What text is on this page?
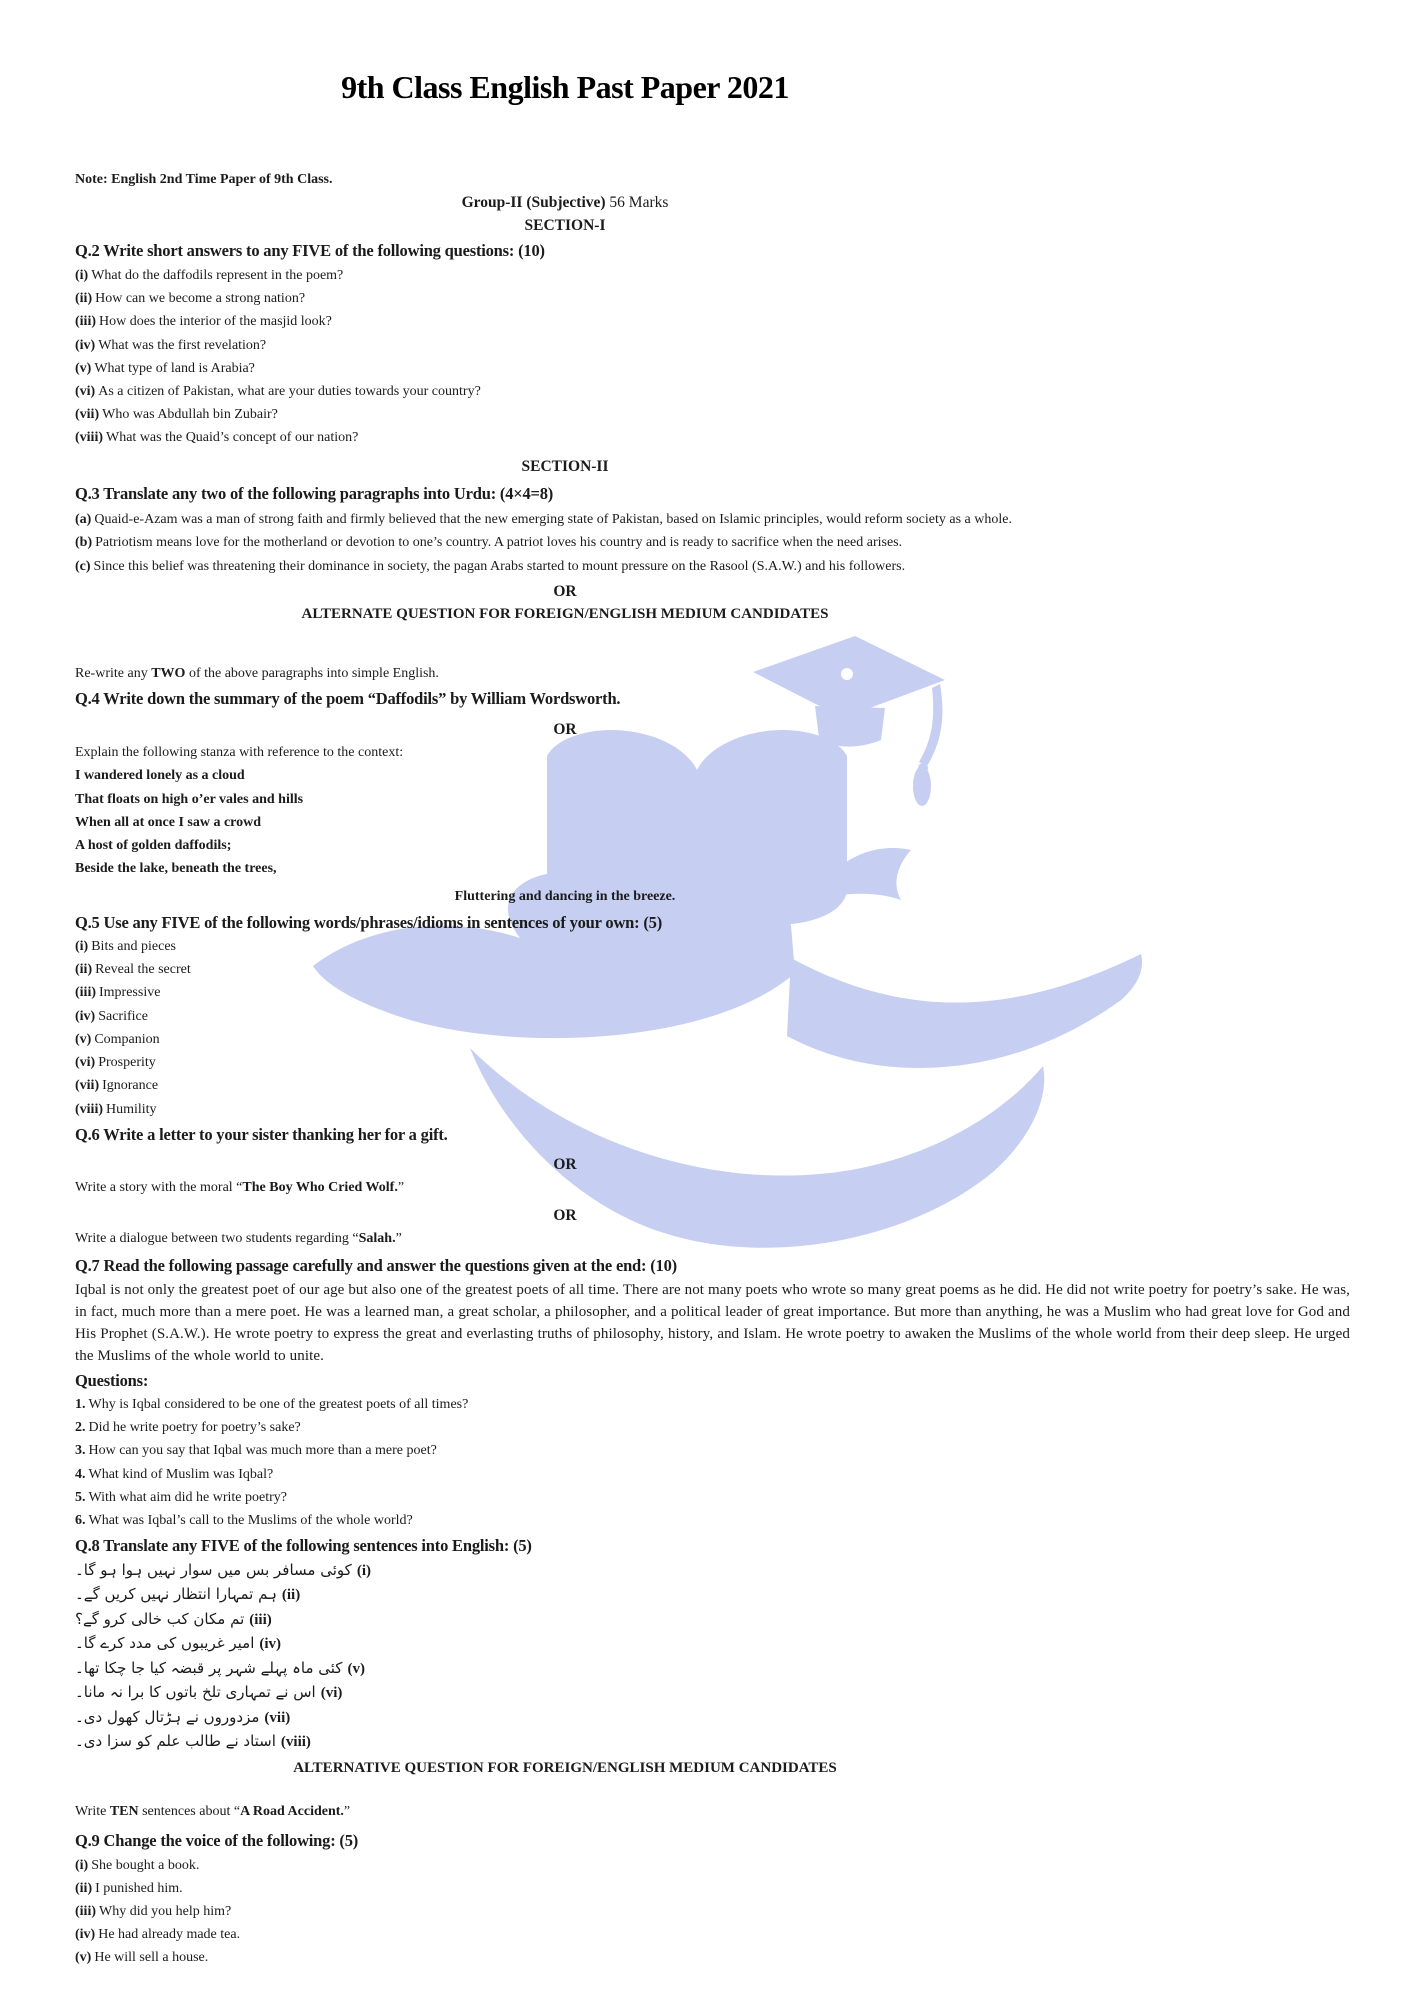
9th Class English Past Paper 2021
Note: English 2nd Time Paper of 9th Class.
Group-II (Subjective) 56 Marks
SECTION-I
Q.2 Write short answers to any FIVE of the following questions: (10)
(i) What do the daffodils represent in the poem?
(ii) How can we become a strong nation?
(iii) How does the interior of the masjid look?
(iv) What was the first revelation?
(v) What type of land is Arabia?
(vi) As a citizen of Pakistan, what are your duties towards your country?
(vii) Who was Abdullah bin Zubair?
(viii) What was the Quaid’s concept of our nation?
SECTION-II
Q.3 Translate any two of the following paragraphs into Urdu: (4×4=8)
(a) Quaid-e-Azam was a man of strong faith and firmly believed that the new emerging state of Pakistan, based on Islamic principles, would reform society as a whole.
(b) Patriotism means love for the motherland or devotion to one’s country. A patriot loves his country and is ready to sacrifice when the need arises.
(c) Since this belief was threatening their dominance in society, the pagan Arabs started to mount pressure on the Rasool (S.A.W.) and his followers.
OR
ALTERNATE QUESTION FOR FOREIGN/ENGLISH MEDIUM CANDIDATES
Re-write any TWO of the above paragraphs into simple English.
Q.4 Write down the summary of the poem “Daffodils” by William Wordsworth.
OR
Explain the following stanza with reference to the context:
I wandered lonely as a cloud
That floats on high o’er vales and hills
When all at once I saw a crowd
A host of golden daffodils;
Beside the lake, beneath the trees,
Fluttering and dancing in the breeze.
Q.5 Use any FIVE of the following words/phrases/idioms in sentences of your own: (5)
(i) Bits and pieces
(ii) Reveal the secret
(iii) Impressive
(iv) Sacrifice
(v) Companion
(vi) Prosperity
(vii) Ignorance
(viii) Humility
Q.6 Write a letter to your sister thanking her for a gift.
OR
Write a story with the moral “The Boy Who Cried Wolf.”
OR
Write a dialogue between two students regarding “Salah.”
Q.7 Read the following passage carefully and answer the questions given at the end: (10)

Iqbal is not only the greatest poet of our age but also one of the greatest poets of all time. There are not many poets who wrote so many great poems as he did. He did not write poetry for poetry’s sake. He was, in fact, much more than a mere poet. He was a learned man, a great scholar, a philosopher, and a political leader of great importance. But more than anything, he was a Muslim who had great love for God and His Prophet (S.A.W.). He wrote poetry to express the great and everlasting truths of philosophy, history, and Islam. He wrote poetry to awaken the Muslims of the whole world from their deep sleep. He urged the Muslims of the whole world to unite.

Questions:
1. Why is Iqbal considered to be one of the greatest poets of all times?
2. Did he write poetry for poetry’s sake?
3. How can you say that Iqbal was much more than a mere poet?
4. What kind of Muslim was Iqbal?
5. With what aim did he write poetry?
6. What was Iqbal’s call to the Muslims of the whole world?
Q.8 Translate any FIVE of the following sentences into English: (5)
(i)کوئی مسافر بس میں سوار نہیں ہوا ہو گا۔
(ii)ہم تمہارا انتظار نہیں کریں گے۔
(iii)تم مکان کب خالی کرو گے؟
(iv)امیر غریبوں کی مدد کرے گا۔
(v)کئی ماہ پہلے شہر پر قبضہ کیا جا چکا تھا۔
(vi)اس نے تمہاری تلخ باتوں کا برا نہ مانا۔
(vii)مزدوروں نے ہڑتال کھول دی۔
(viii)استاد نے طالب علم کو سزا دی۔
ALTERNATIVE QUESTION FOR FOREIGN/ENGLISH MEDIUM CANDIDATES
Write TEN sentences about “A Road Accident.”
Q.9 Change the voice of the following: (5)
(i) She bought a book.
(ii) I punished him.
(iii) Why did you help him?
(iv) He had already made tea.
(v) He will sell a house.
